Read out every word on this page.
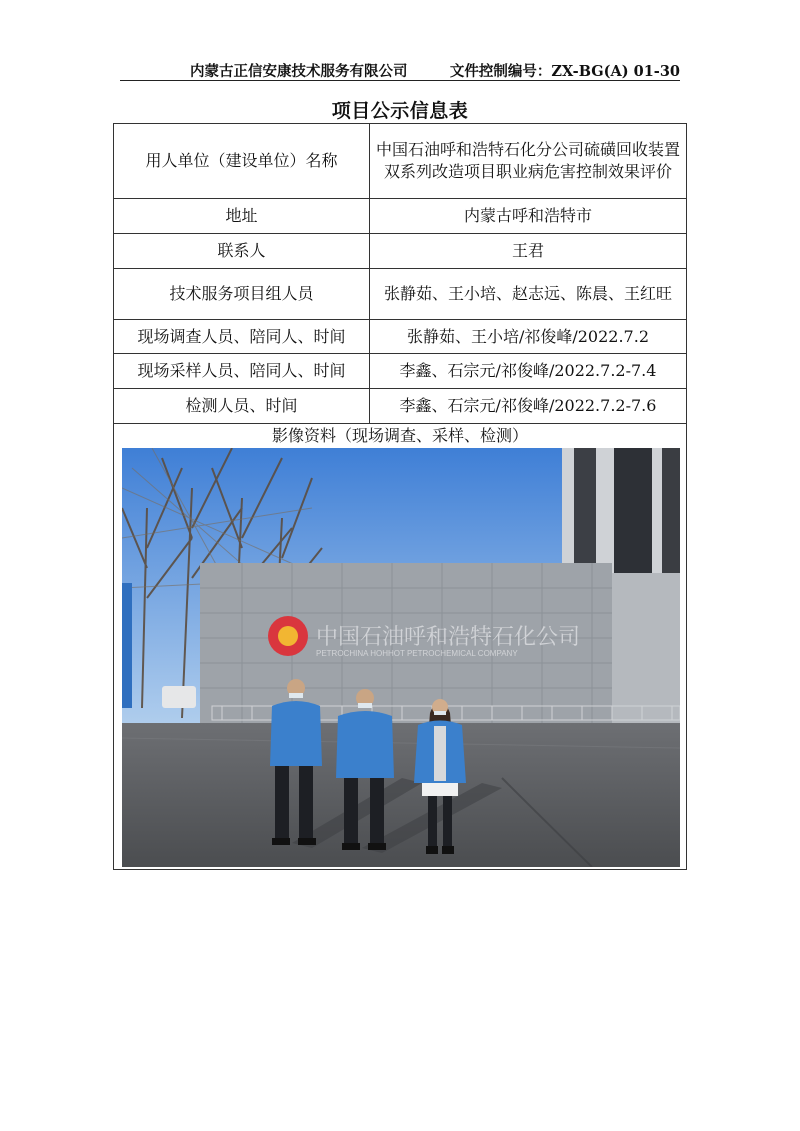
内蒙古正信安康技术服务有限公司	文件控制编号：ZX-BG(A) 01-30
项目公示信息表
用人单位（建设单位）名称	中国石油呼和浩特石化分公司硫磺回收装置双系列改造项目职业病危害控制效果评价
地址	内蒙古呼和浩特市
联系人	王君
技术服务项目组人员	张静茹、王小培、赵志远、陈晨、王红旺
现场调查人员、陪同人、时间	张静茹、王小培/祁俊峰/2022.7.2
现场采样人员、陪同人、时间	李鑫、石宗元/祁俊峰/2022.7.2-7.4
检测人员、时间	李鑫、石宗元/祁俊峰/2022.7.2-7.6

影像资料（现场调查、采样、检测）
中国石油呼和浩特石化公司
PETROCHINA HOHHOT PETROCHEMICAL COMPANY	
